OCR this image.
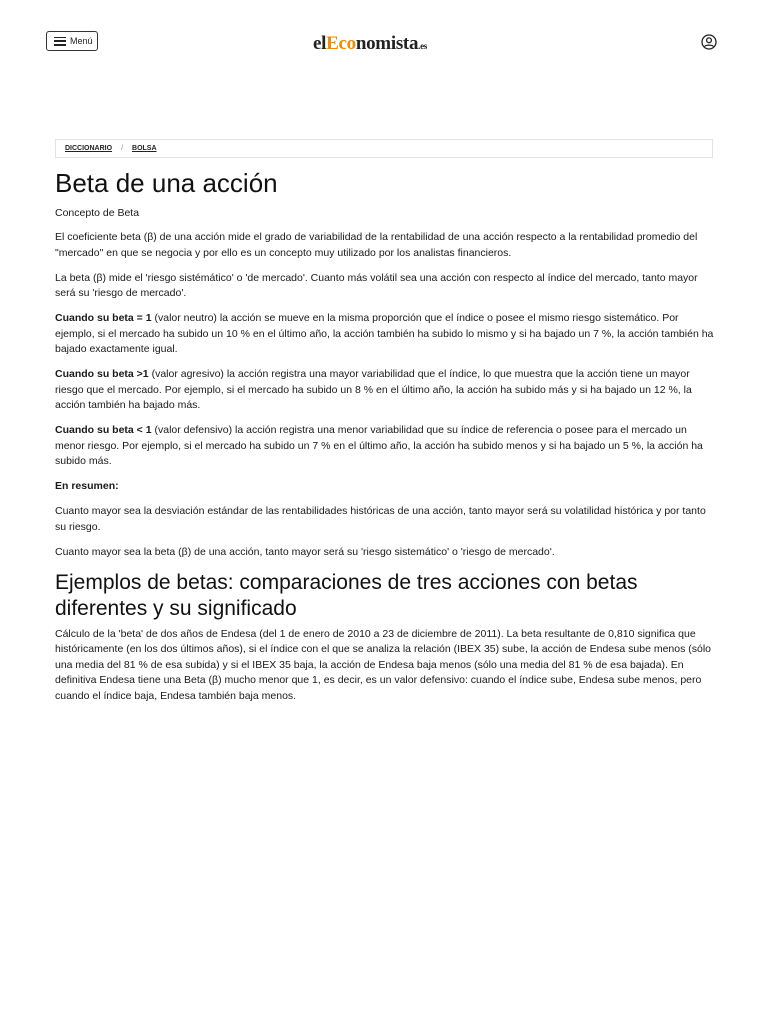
Menú	elEconomista.es
DICCIONARIO / BOLSA
Beta de una acción
Concepto de Beta

El coeficiente beta (β) de una acción mide el grado de variabilidad de la rentabilidad de una acción respecto a la rentabilidad promedio del "mercado" en que se negocia y por ello es un concepto muy utilizado por los analistas financieros.

La beta (β) mide el 'riesgo sistémático' o 'de mercado'. Cuanto más volátil sea una acción con respecto al índice del mercado, tanto mayor será su 'riesgo de mercado'.

Cuando su beta = 1 (valor neutro) la acción se mueve en la misma proporción que el índice o posee el mismo riesgo sistemático. Por ejemplo, si el mercado ha subido un 10 % en el último año, la acción también ha subido lo mismo y si ha bajado un 7 %, la acción también ha bajado exactamente igual.

Cuando su beta >1 (valor agresivo) la acción registra una mayor variabilidad que el índice, lo que muestra que la acción tiene un mayor riesgo que el mercado. Por ejemplo, si el mercado ha subido un 8 % en el último año, la acción ha subido más y si ha bajado un 12 %, la acción también ha bajado más.

Cuando su beta < 1 (valor defensivo) la acción registra una menor variabilidad que su índice de referencia o posee para el mercado un menor riesgo. Por ejemplo, si el mercado ha subido un 7 % en el último año, la acción ha subido menos y si ha bajado un 5 %, la acción ha subido más.

En resumen:

Cuanto mayor sea la desviación estándar de las rentabilidades históricas de una acción, tanto mayor será su volatilidad histórica y por tanto su riesgo.

Cuanto mayor sea la beta (β) de una acción, tanto mayor será su 'riesgo sistemático' o 'riesgo de mercado'.

Ejemplos de betas: comparaciones de tres acciones con betas diferentes y su significado

Cálculo de la 'beta' de dos años de Endesa (del 1 de enero de 2010 a 23 de diciembre de 2011). La beta resultante de 0,810 significa que históricamente (en los dos últimos años), si el índice con el que se analiza la relación (IBEX 35) sube, la acción de Endesa sube menos (sólo una media del 81 % de esa subida) y si el IBEX 35 baja, la acción de Endesa baja menos (sólo una media del 81 % de esa bajada). En definitiva Endesa tiene una Beta (β) mucho menor que 1, es decir, es un valor defensivo: cuando el índice sube, Endesa sube menos, pero cuando el índice baja, Endesa también baja menos.
